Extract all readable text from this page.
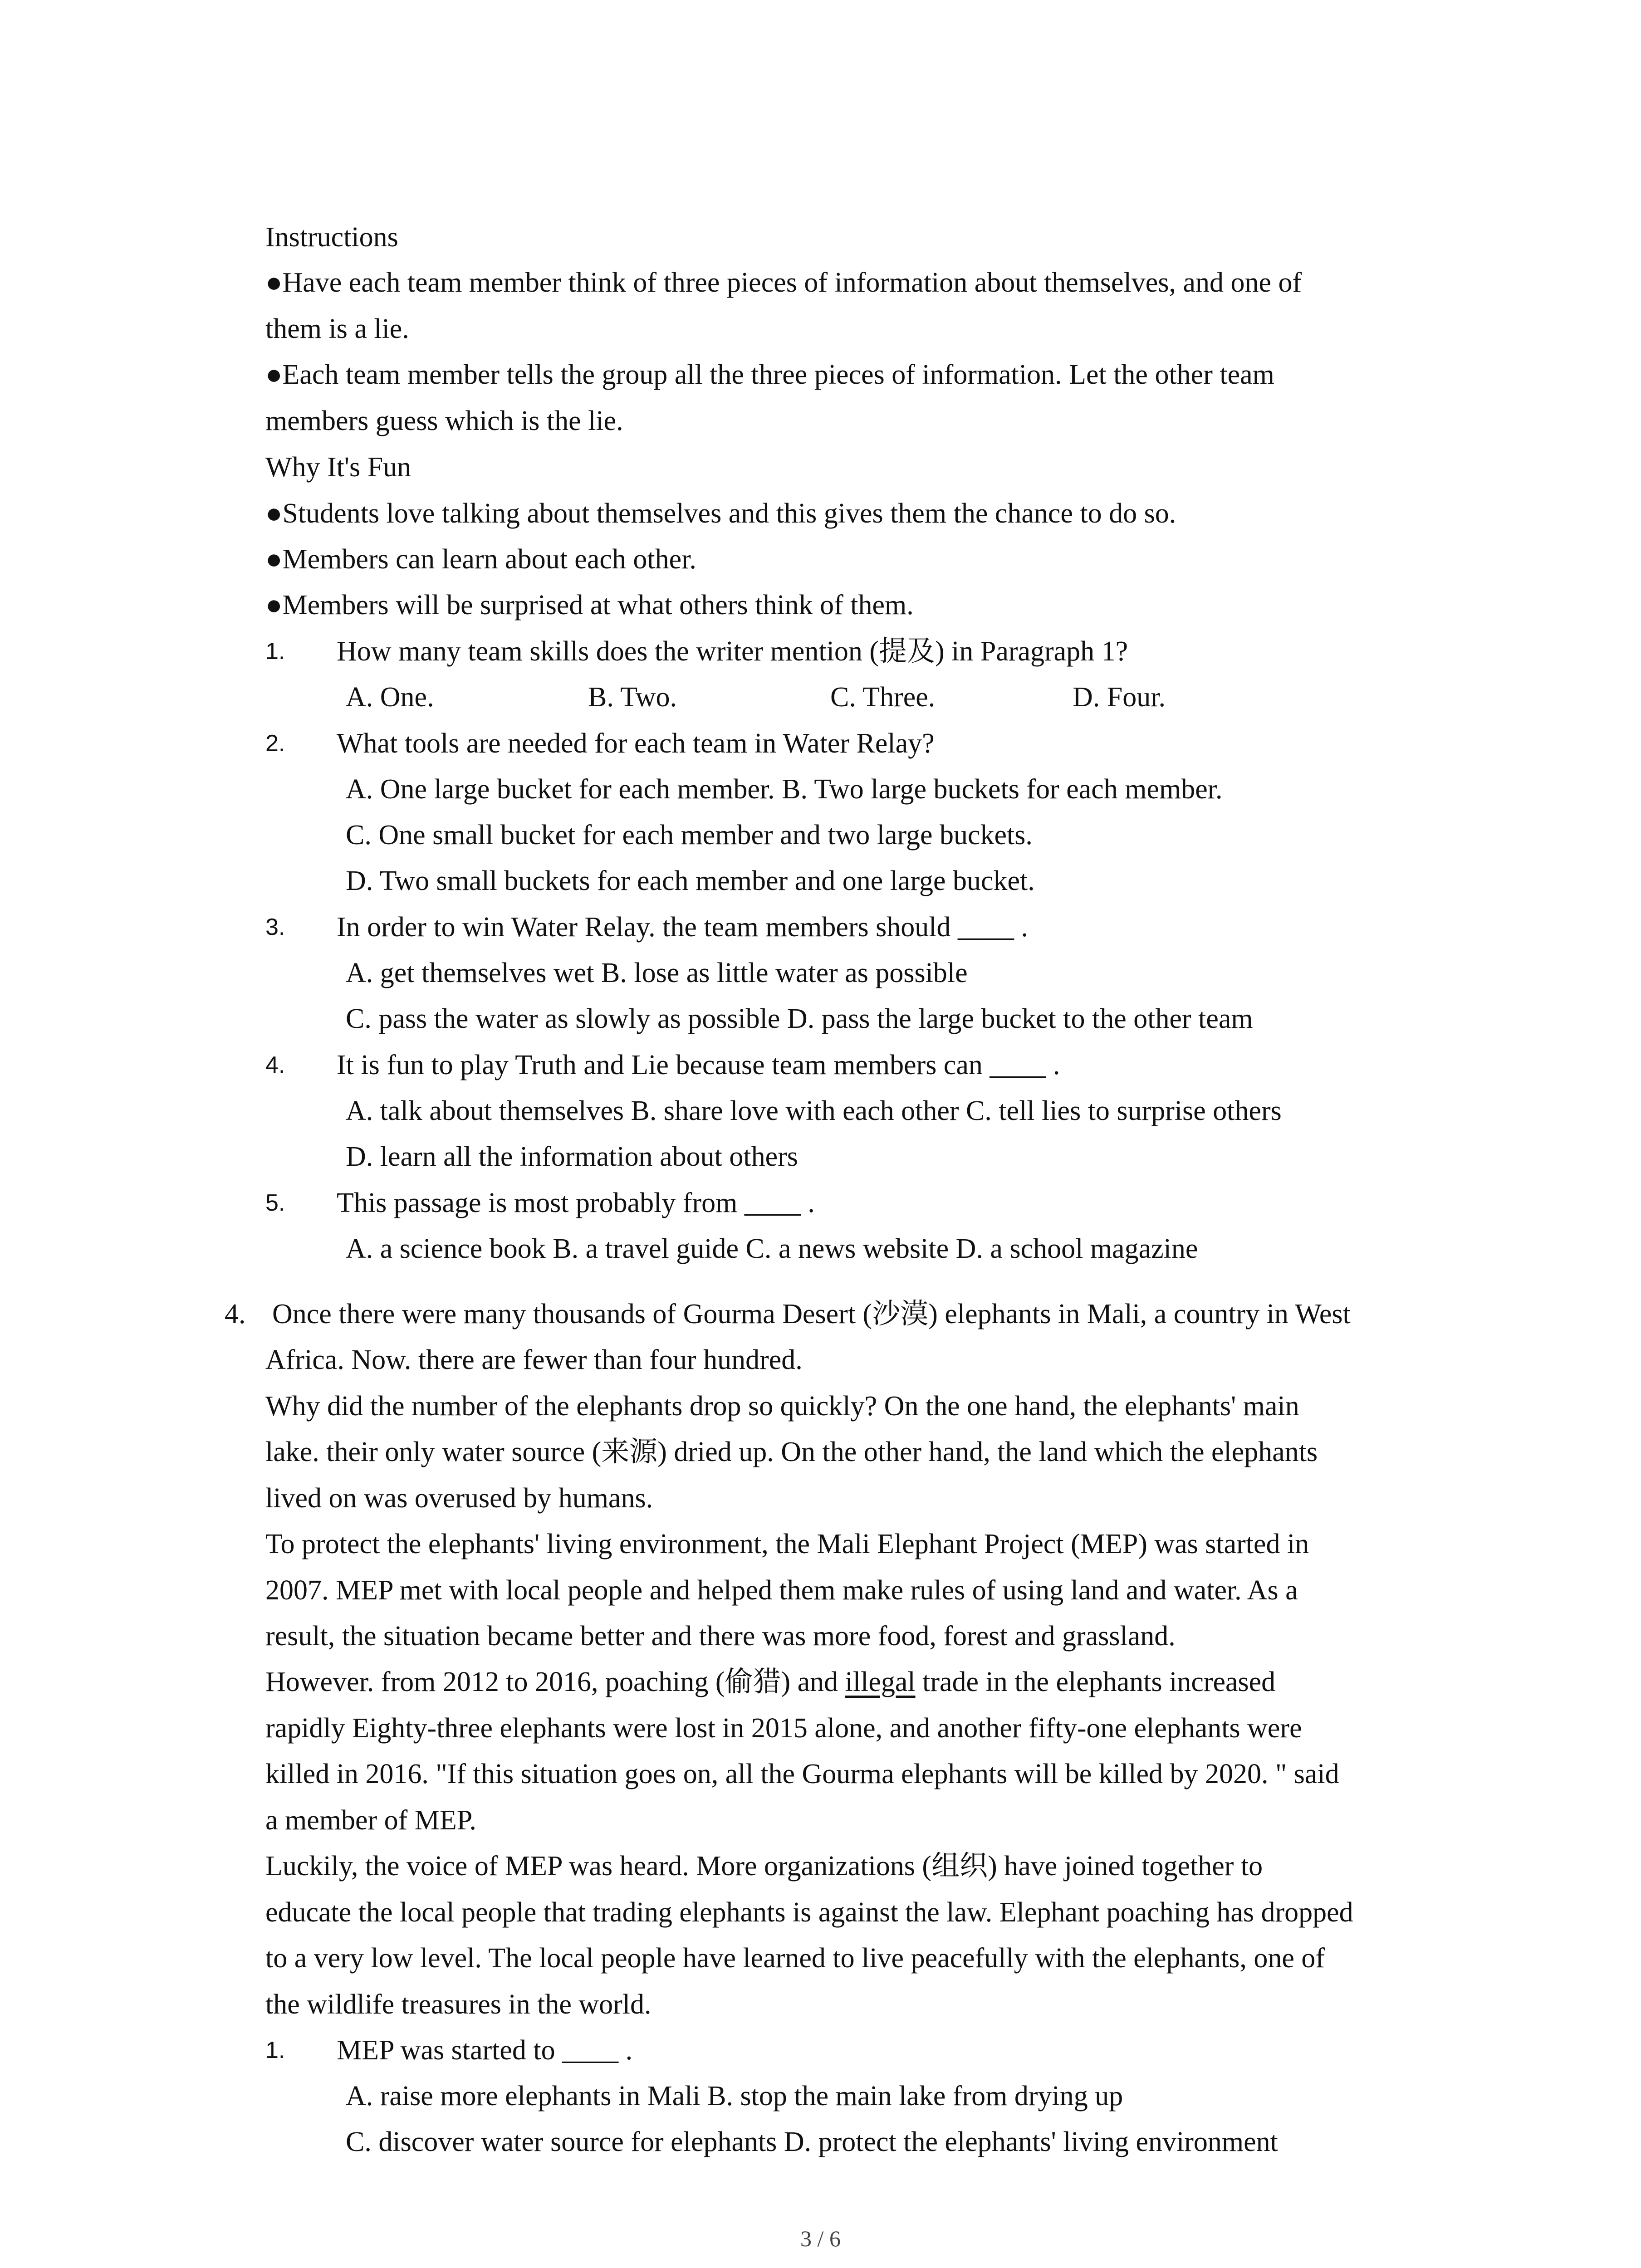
Instructions
●Have each team member think of three pieces of information about themselves, and one of
them is a lie.
●Each team member tells the group all the three pieces of information. Let the other team
members guess which is the lie.
Why It's Fun
●Students love talking about themselves and this gives them the chance to do so.
●Members can learn about each other.
●Members will be surprised at what others think of them.
1. How many team skills does the writer mention (提及) in Paragraph 1?
A. One.	B. Two.	C. Three.	D. Four.
2. What tools are needed for each team in Water Relay?
A. One large bucket for each member. B. Two large buckets for each member.
C. One small bucket for each member and two large buckets.
D. Two small buckets for each member and one large bucket.
3. In order to win Water Relay. the team members should ____ .
A. get themselves wet B. lose as little water as possible
C. pass the water as slowly as possible D. pass the large bucket to the other team
4. It is fun to play Truth and Lie because team members can ____ .
A. talk about themselves B. share love with each other C. tell lies to surprise others
D. learn all the information about others
5. This passage is most probably from ____ .
A. a science book B. a travel guide C. a news website D. a school magazine
4. Once there were many thousands of Gourma Desert (沙漠) elephants in Mali, a country in West
Africa. Now. there are fewer than four hundred.
Why did the number of the elephants drop so quickly? On the one hand, the elephants' main
lake. their only water source (来源) dried up. On the other hand, the land which the elephants
lived on was overused by humans.
To protect the elephants' living environment, the Mali Elephant Project (MEP) was started in
2007. MEP met with local people and helped them make rules of using land and water. As a
result, the situation became better and there was more food, forest and grassland.
However. from 2012 to 2016, poaching (偷猎) and illegal trade in the elephants increased
rapidly Eighty-three elephants were lost in 2015 alone, and another fifty-one elephants were
killed in 2016. "If this situation goes on, all the Gourma elephants will be killed by 2020. " said
a member of MEP.
Luckily, the voice of MEP was heard. More organizations (组织) have joined together to
educate the local people that trading elephants is against the law. Elephant poaching has dropped
to a very low level. The local people have learned to live peacefully with the elephants, one of
the wildlife treasures in the world.
1. MEP was started to ____ .
A. raise more elephants in Mali B. stop the main lake from drying up
C. discover water source for elephants D. protect the elephants' living environment
3 / 6
